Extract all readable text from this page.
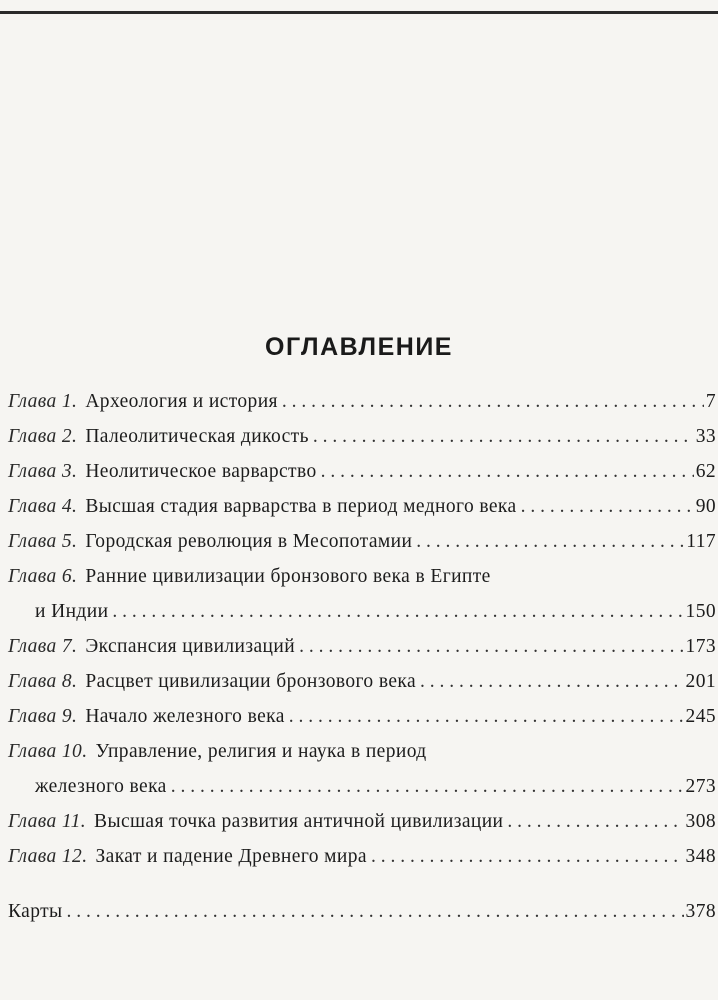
ОГЛАВЛЕНИЕ
Глава 1. Археология и история . . .	7
Глава 2. Палеолитическая дикость . . .	33
Глава 3. Неолитическое варварство . . .	62
Глава 4. Высшая стадия варварства в период медного века . . .	90
Глава 5. Городская революция в Месопотамии . . .	117
Глава 6. Ранние цивилизации бронзового века в Египте
и Индии . . .	150
Глава 7. Экспансия цивилизаций . . .	173
Глава 8. Расцвет цивилизации бронзового века . . .	201
Глава 9. Начало железного века . . .	245
Глава 10. Управление, религия и наука в период
железного века . . .	273
Глава 11. Высшая точка развития античной цивилизации . . .	308
Глава 12. Закат и падение Древнего мира . . .	348
Карты . . .	378
